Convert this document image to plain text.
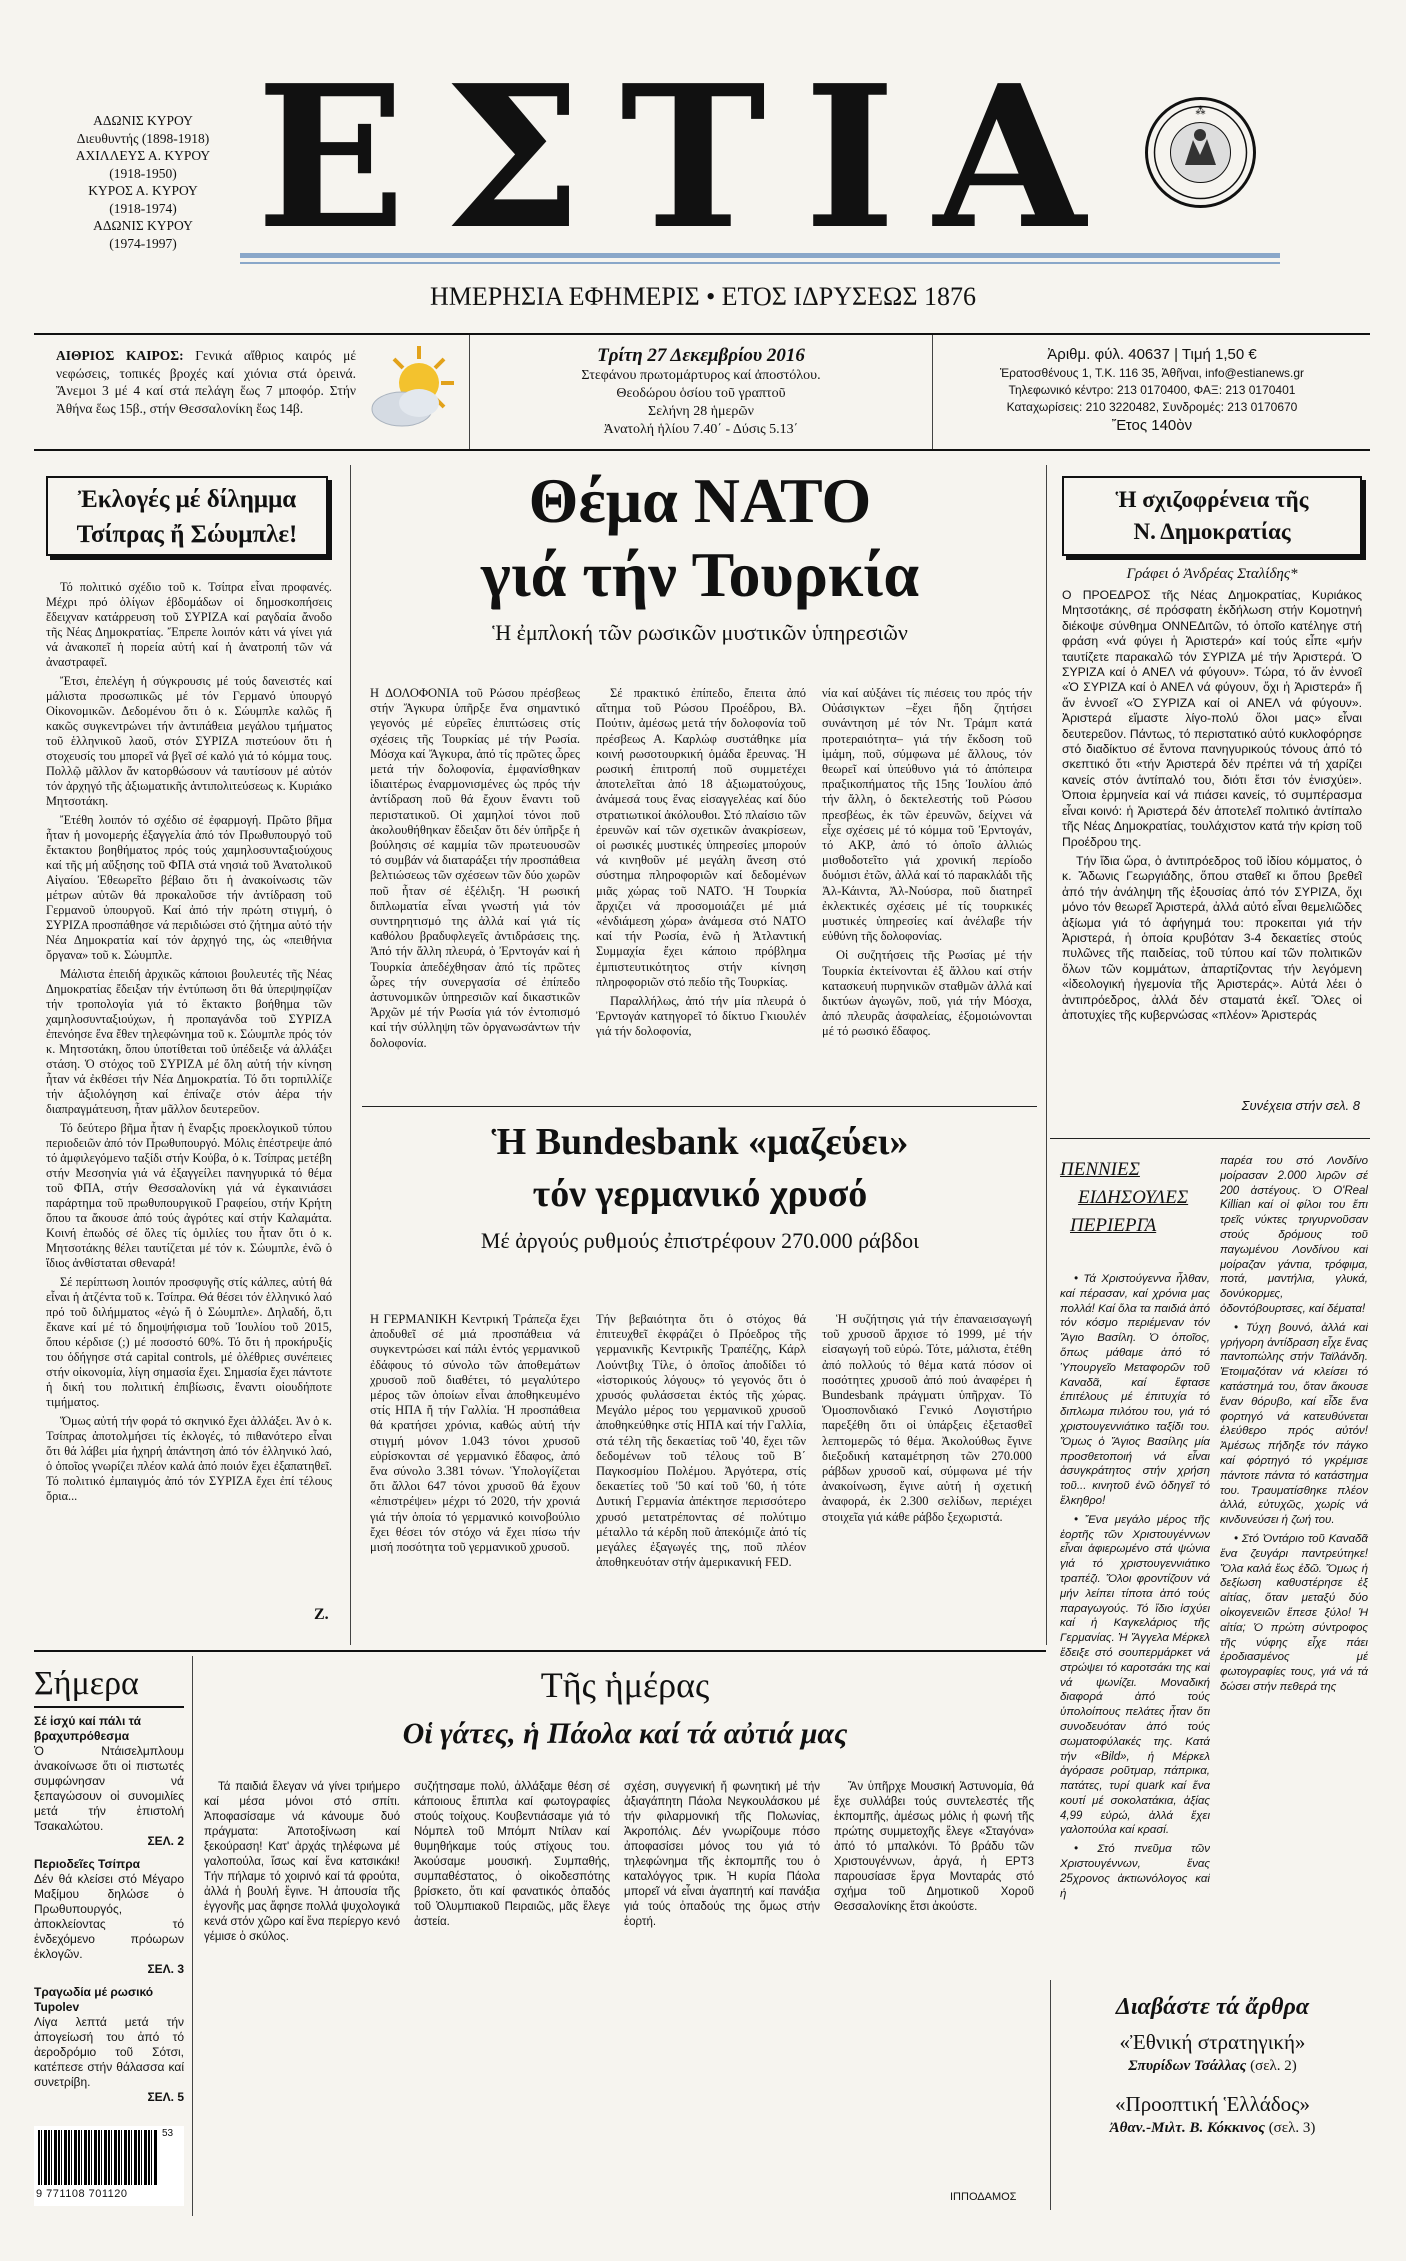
ΑΔΩΝΙΣ ΚΥΡΟΥ
Διευθυντής (1898-1918)
ΑΧΙΛΛΕΥΣ Α. ΚΥΡΟΥ
(1918-1950)
ΚΥΡΟΣ Α. ΚΥΡΟΥ
(1918-1974)
ΑΔΩΝΙΣ ΚΥΡΟΥ
(1974-1997) ΕΣΤΙΑ	⁂
ΗΜΕΡΗΣΙΑ ΕΦΗΜΕΡΙΣ • ΕΤΟΣ ΙΔΡΥΣΕΩΣ 1876
ΑΙΘΡΙΟΣ ΚΑΙΡΟΣ: Γενικά αἴθριος καιρός μέ νεφώσεις, τοπικές βροχές καί χιόνια στά ὀρεινά. Ἄνεμοι 3 μέ 4 καί στά πελάγη ἕως 7 μποφόρ. Στήν Ἀθήνα ἕως 15β., στήν Θεσσαλονίκη ἕως 14β.
Τρίτη 27 Δεκεμβρίου 2016
Στεφάνου πρωτομάρτυρος καί ἀποστόλου.
Θεοδώρου ὁσίου τοῦ γραπτοῦ
Σελήνη 28 ἡμερῶν
Ἀνατολή ἡλίου 7.40΄ - Δύσις 5.13΄
Ἀριθμ. φύλ. 40637 | Τιμή 1,50 €
Ἐρατοσθένους 1, Τ.Κ. 116 35, Ἀθῆναι, info@estianews.gr
Τηλεφωνικό κέντρο: 213 0170400, ΦΑΞ: 213 0170401
Καταχωρίσεις: 210 3220482, Συνδρομές: 213 0170670
Ἔτος 140ὸν
Ἐκλογές μέ δίλημμα
Τσίπρας ἤ Σώυμπλε!

Τό πολιτικό σχέδιο τοῦ κ. Τσίπρα εἶναι προφανές. Μέχρι πρό ὀλίγων ἑβδομάδων οἱ δημοσκοπήσεις ἔδειχναν κατάρρευση τοῦ ΣΥΡΙΖΑ καί ραγδαία ἄνοδο τῆς Νέας Δημοκρατίας. Ἔπρεπε λοιπόν κάτι νά γίνει γιά νά ἀνακοπεῖ ἡ πορεία αὐτή καί ἡ ἀνατροπή τῶν νά ἀναστραφεῖ.

Ἔτσι, ἐπελέγη ἡ σύγκρουσις μέ τούς δανειστές καί μάλιστα προσωπικῶς μέ τόν Γερμανό ὑπουργό Οἰκονομικῶν. Δεδομένου ὅτι ὁ κ. Σώυμπλε καλῶς ἤ κακῶς συγκεντρώνει τήν ἀντιπάθεια μεγάλου τμήματος τοῦ ἑλληνικοῦ λαοῦ, στόν ΣΥΡΙΖΑ πιστεύουν ὅτι ἡ στοχευσίς του μπορεῖ νά βγεῖ σέ καλό γιά τό κόμμα τους. Πολλῷ μᾶλλον ἄν κατορθώσουν νά ταυτίσουν μέ αὐτόν τόν ἀρχηγό τῆς ἀξιωματικῆς ἀντιπολιτεύσεως κ. Κυριάκο Μητσοτάκη.

Ἔτέθη λοιπόν τό σχέδιο σέ ἐφαρμογή. Πρῶτο βῆμα ἦταν ἡ μονομερής ἐξαγγελία ἀπό τόν Πρωθυπουργό τοῦ ἔκτακτου βοηθήματος πρός τούς χαμηλοσυνταξιούχους καί τῆς μή αὔξησης τοῦ ΦΠΑ στά νησιά τοῦ Ἀνατολικοῦ Αἰγαίου. Ἐθεωρεῖτο βέβαιο ὅτι ἡ ἀνακοίνωσις τῶν μέτρων αὐτῶν θά προκαλοῦσε τήν ἀντίδραση τοῦ Γερμανοῦ ὑπουργοῦ. Καί ἀπό τήν πρώτη στιγμή, ὁ ΣΥΡΙΖΑ προσπάθησε νά περιδιώσει στό ζήτημα αὐτό τήν Νέα Δημοκρατία καί τόν ἀρχηγό της, ὡς «πειθήνια ὄργανα» τοῦ κ. Σώυμπλε.

Μάλιστα ἐπειδή ἀρχικῶς κάποιοι βουλευτές τῆς Νέας Δημοκρατίας ἔδειξαν τήν ἐντύπωση ὅτι θά ὑπερψηφίζαν τήν τροπολογία γιά τό ἔκτακτο βοήθημα τῶν χαμηλοσυνταξιούχων, ἡ προπαγάνδα τοῦ ΣΥΡΙΖΑ ἐπενόησε ἕνα ἔθεν τηλεφώνημα τοῦ κ. Σώυμπλε πρός τόν κ. Μητσοτάκη, ὅπου ὑποτίθεται τοῦ ὑπέδειξε νά ἀλλάξει στάση. Ὁ στόχος τοῦ ΣΥΡΙΖΑ μέ ὅλη αὐτή τήν κίνηση ἦταν νά ἐκθέσει τήν Νέα Δημοκρατία. Τό ὅτι τορπιλλίζε τήν ἀξιολόγηση καί ἐπίναζε στόν ἀέρα τήν διαπραγμάτευση, ἦταν μᾶλλον δευτερεῦον.

Τό δεύτερο βῆμα ἦταν ἡ ἔναρξις προεκλογικοῦ τύπου περιοδειῶν ἀπό τόν Πρωθυπουργό. Μόλις ἐπέστρεψε ἀπό τό ἀμφιλεγόμενο ταξίδι στήν Κούβα, ὁ κ. Τσίπρας μετέβη στήν Μεσσηνία γιά νά ἐξαγγείλει πανηγυρικά τό θέμα τοῦ ΦΠΑ, στήν Θεσσαλονίκη γιά νά ἐγκαινιάσει παράρτημα τοῦ πρωθυπουργικοῦ Γραφείου, στήν Κρήτη ὅπου τα ἄκουσε ἀπό τούς ἀγρότες καί στήν Καλαμάτα. Κοινή ἐπωδός σέ ὅλες τίς ὁμιλίες του ἦταν ὅτι ὁ κ. Μητσοτάκης θέλει ταυτίζεται μέ τόν κ. Σώυμπλε, ἐνῶ ὁ ἴδιος ἀνθίσταται σθεναρά!

Σέ περίπτωση λοιπόν προσφυγῆς στίς κάλπες, αὐτή θά εἶναι ἡ ἀτζέντα τοῦ κ. Τσίπρα. Θά θέσει τόν ἑλληνικό λαό πρό τοῦ διλήμματος «ἐγώ ἤ ὁ Σώυμπλε». Δηλαδή, ὅ,τι ἔκανε καί μέ τό δημοψήφισμα τοῦ Ἰουλίου τοῦ 2015, ὅπου κέρδισε (;) μέ ποσοστό 60%. Τό ὅτι ἡ προκήρυξίς του ὁδήγησε στά capital controls, μέ ὀλέθριες συνέπειες στήν οἰκονομία, λίγη σημασία ἔχει. Σημασία ἔχει πάντοτε ἡ δική του πολιτική ἐπιβίωσις, ἔναντι οἰουδήποτε τιμήματος.

Ὅμως αὐτή τήν φορά τό σκηνικό ἔχει ἀλλάξει. Ἀν ὁ κ. Τσίπρας ἀποτολμήσει τίς ἐκλογές, τό πιθανότερο εἶναι ὅτι θά λάβει μία ἠχηρή ἀπάντηση ἀπό τόν ἑλληνικό λαό, ὁ ὁποῖος γνωρίζει πλέον καλά ἀπό ποιόν ἔχει ἐξαπατηθεῖ. Τό πολιτικό ἐμπαιγμός ἀπό τόν ΣΥΡΙΖΑ ἔχει ἐπί τέλους ὅρια...

Ζ.
Θέμα ΝΑΤΟ
γιά τήν Τουρκία
Ἡ ἐμπλοκή τῶν ρωσικῶν μυστικῶν ὑπηρεσιῶν

Η ΔΟΛΟΦΟΝΙΑ τοῦ Ρώσου πρέσβεως στήν Ἄγκυρα ὑπῆρξε ἕνα σημαντικό γεγονός μέ εὐρεῖες ἐπιπτώσεις στίς σχέσεις τῆς Τουρκίας μέ τήν Ρωσία. Μόσχα καί Ἄγκυρα, ἀπό τίς πρῶτες ὧρες μετά τήν δολοφονία, ἐμφανίσθηκαν ἰδιαιτέρως ἐναρμονισμένες ὡς πρός τήν ἀντίδραση ποῦ θά ἔχουν ἔναντι τοῦ περιστατικοῦ. Οἱ χαμηλοί τόνοι ποῦ ἀκολουθήθηκαν ἔδειξαν ὅτι δέν ὑπῆρξε ἡ βούλησις σέ καμμία τῶν πρωτευουσῶν τό συμβάν νά διαταράξει τήν προσπάθεια βελτιώσεως τῶν σχέσεων τῶν δύο χωρῶν ποῦ ἦταν σέ ἐξέλιξη. Ἡ ρωσική διπλωματία εἶναι γνωστή γιά τόν συντηρητισμό της ἀλλά καί γιά τίς καθόλου βραδυφλεγεῖς ἀντιδράσεις της. Ἀπό τήν ἄλλη πλευρά, ὁ Ἐρντογάν καί ἡ Τουρκία ἀπεδέχθησαν ἀπό τίς πρῶτες ὧρες τήν συνεργασία σέ ἐπίπεδο ἀστυνομικῶν ὑπηρεσιῶν καί δικαστικῶν Ἀρχῶν μέ τήν Ρωσία γιά τόν ἐντοπισμό καί τήν σύλληψη τῶν ὀργανωσάντων τήν δολοφονία.

Σέ πρακτικό ἐπίπεδο, ἔπειτα ἀπό αἴτημα τοῦ Ρώσου Προέδρου, Βλ. Πούτιν, ἀμέσως μετά τήν δολοφονία τοῦ πρέσβεως Α. Καρλώφ συστάθηκε μία κοινή ρωσοτουρκική ὁμάδα ἔρευνας. Ἡ ρωσική ἐπιτροπή ποῦ συμμετέχει ἀποτελεῖται ἀπό 18 ἀξιωματούχους, ἀνάμεσά τους ἕνας εἰσαγγελέας καί δύο στρατιωτικοί ἀκόλουθοι. Στό πλαίσιο τῶν ἐρευνῶν καί τῶν σχετικῶν ἀνακρίσεων, οἱ ρωσικές μυστικές ὑπηρεσίες μπορούν νά κινηθοῦν μέ μεγάλη ἄνεση στό σύστημα πληροφοριῶν καί δεδομένων μιᾶς χώρας τοῦ ΝΑΤΟ. Ἡ Τουρκία ἄρχιζει νά προσομοιάζει μέ μιά «ἐνδιάμεση χώρα» ἀνάμεσα στό ΝΑΤΟ καί τήν Ρωσία, ἐνῶ ἡ Ἀτλαντική Συμμαχία ἔχει κάποιο πρόβλημα ἐμπιστευτικότητος στήν κίνηση πληροφοριῶν στό πεδίο τῆς Τουρκίας.

Παραλλήλως, ἀπό τήν μία πλευρά ὁ Ἐρντογάν κατηγορεῖ τό δίκτυο Γκιουλέν γιά τήν δολοφονία,

νία καί αὐξάνει τίς πιέσεις του πρός τήν Οὐάσιγκτων –ἔχει ἤδη ζητήσει συνάντηση μέ τόν Ντ. Τράμπ κατά προτεραιότητα– γιά τήν ἔκδοση τοῦ ἰμάμη, ποῦ, σύμφωνα μέ ἄλλους, τόν θεωρεῖ καί ὑπεύθυνο γιά τό ἀπόπειρα πραξικοπήματος τῆς 15ης Ἰουλίου ἀπό τήν ἄλλη, ὁ δεκτελεστής τοῦ Ρώσου πρεσβέως, ἐκ τῶν ἐρευνῶν, δείχνει νά εἶχε σχέσεις μέ τό κόμμα τοῦ Ἐρντογάν, τό ΑΚΡ, ἀπό τό ὁποῖο ἀλλιώς μισθοδοτεῖτο γιά χρονική περίοδο δυόμισι ἐτῶν, ἀλλά καί τό παρακλάδι τῆς Ἀλ-Κάιντα, Ἀλ-Νούσρα, ποῦ διατηρεῖ ἐκλεκτικές σχέσεις μέ τίς τουρκικές μυστικές ὑπηρεσίες καί ἀνέλαβε τήν εὐθύνη τῆς δολοφονίας.

Οἱ συζητήσεις τῆς Ρωσίας μέ τήν Τουρκία ἐκτείνονται ἐξ ἄλλου καί στήν κατασκευή πυρηνικῶν σταθμῶν ἀλλά καί δικτύων ἀγωγῶν, ποῦ, γιά τήν Μόσχα, ἀπό πλευρᾶς ἀσφαλείας, ἐξομοιώνονται μέ τό ρωσικό ἔδαφος.

Ἡ σχιζοφρένεια τῆς
Ν. Δημοκρατίας
Γράφει ὁ Ἀνδρέας Σταλίδης*

Ο ΠΡΟΕΔΡΟΣ τῆς Νέας Δημοκρατίας, Κυριάκος Μητσοτάκης, σέ πρόσφατη ἐκδήλωση στήν Κομοτηνή διέκοψε σύνθημα ΟΝΝΕΔιτῶν, τό ὁποῖο κατέληγε στή φράση «νά φύγει ἡ Ἀριστερά» καί τούς εἶπε «μήν ταυτίζετε παρακαλῶ τόν ΣΥΡΙΖΑ μέ τήν Ἀριστερά. Ὁ ΣΥΡΙΖΑ καί ὁ ΑΝΕΛ νά φύγουν». Τώρα, τό ἄν ἐννοεῖ «Ὁ ΣΥΡΙΖΑ καί ὁ ΑΝΕΛ νά φύγουν, ὄχι ἡ Ἀριστερά» ἤ ἄν ἐννοεῖ «Ὁ ΣΥΡΙΖΑ καί οἱ ΑΝΕΛ νά φύγουν». Ἀριστερά εἴμαστε λίγο-πολύ ὅλοι μας» εἶναι δευτερεῦον. Πάντως, τό περιστατικό αὐτό κυκλοφόρησε στό διαδίκτυο σέ ἔντονα πανηγυρικούς τόνους ἀπό τό σκεπτικό ὅτι «τήν Ἀριστερά δέν πρέπει νά τή χαρίζει κανείς στόν ἀντίπαλό του, διότι ἔτσι τόν ἐνισχύει». Όποια ἑρμηνεία καί νά πιάσει κανείς, τό συμπέρασμα εἶναι κοινό: ἡ Ἀριστερά δέν ἀποτελεῖ πολιτικό ἀντίπαλο τῆς Νέας Δημοκρατίας, τουλάχιστον κατά τήν κρίση τοῦ Προέδρου της.

Τήν ἴδια ὥρα, ὁ ἀντιπρόεδρος τοῦ ἰδίου κόμματος, ὁ κ. Ἄδωνις Γεωργιάδης, ὅπου σταθεῖ κι ὅπου βρεθεῖ ἀπό τήν ἀνάληψη τῆς ἐξουσίας ἀπό τόν ΣΥΡΙΖΑ, ὄχι μόνο τόν θεωρεῖ Ἀριστερά, ἀλλά αὐτό εἶναι θεμελιῶδες ἀξίωμα γιά τό ἀφήγημά του: προκειται γιά τήν Ἀριστερά, ἡ ὁποία κρυβόταν 3-4 δεκαετίες στούς πυλῶνες τῆς παιδείας, τοῦ τύπου καί τῶν πολιτικῶν ὅλων τῶν κομμάτων, ἀπαρτίζοντας τήν λεγόμενη «ἰδεολογική ἡγεμονία τῆς Ἀριστεράς». Αὐτά λέει ὁ ἀντιπρόεδρος, ἀλλά δέν σταματά ἐκεῖ. Ὅλες οἱ ἀποτυχίες τῆς κυβερνώσας «πλέον» Ἀριστεράς

Συνέχεια στήν σελ. 8
Ἡ Bundesbank «μαζεύει»
τόν γερμανικό χρυσό
Μέ ἀργούς ρυθμούς ἐπιστρέφουν 270.000 ράβδοι

Η ΓΕΡΜΑΝΙΚΗ Κεντρική Τράπεζα ἔχει ἀποδυθεῖ σέ μιά προσπάθεια νά συγκεντρώσει καί πάλι ἐντός γερμανικοῦ ἐδάφους τό σύνολο τῶν ἀποθεμάτων χρυσοῦ ποῦ διαθέτει, τό μεγαλύτερο μέρος τῶν ὁποίων εἶναι ἀποθηκευμένο στίς ΗΠΑ ἤ τήν Γαλλία. Ἡ προσπάθεια θά κρατήσει χρόνια, καθώς αὐτή τήν στιγμή μόνον 1.043 τόνοι χρυσοῦ εὑρίσκονται σέ γερμανικό ἔδαφος, ἀπό ἕνα σύνολο 3.381 τόνων. Ὑπολογίζεται ὅτι ἄλλοι 647 τόνοι χρυσοῦ θά ἔχουν «ἐπιστρέψει» μέχρι τό 2020, τήν χρονιά γιά τήν ὁποία τό γερμανικό κοινοβούλιο ἔχει θέσει τόν στόχο νά ἔχει πίσω τήν μισή ποσότητα τοῦ γερμανικοῦ χρυσοῦ.

Τήν βεβαιότητα ὅτι ὁ στόχος θά ἐπιτευχθεῖ ἐκφράζει ὁ Πρόεδρος τῆς γερμανικῆς Κεντρικῆς Τραπέζης, Κάρλ Λούντβιχ Τίλε, ὁ ὁποῖος ἀποδίδει τό «ἱστορικούς λόγους» τό γεγονός ὅτι ὁ χρυσός φυλάσσεται ἐκτός τῆς χώρας. Μεγάλο μέρος του γερμανικοῦ χρυσοῦ ἀποθηκεύθηκε στίς ΗΠΑ καί τήν Γαλλία, στά τέλη τῆς δεκαετίας τοῦ '40, ἔχει τῶν δεδομένων τοῦ τέλους τοῦ Β΄ Παγκοσμίου Πολέμου. Ἀργότερα, στίς δεκαετίες τοῦ '50 καί τοῦ '60, ἡ τότε Δυτική Γερμανία ἀπέκτησε περισσότερο χρυσό μετατρέποντας σέ πολύτιμο μέταλλο τά κέρδη ποῦ ἀπεκόμιζε ἀπό τίς μεγάλες ἐξαγωγές της, ποῦ πλέον ἀποθηκευόταν στήν ἀμερικανική FED.

Ἡ συζήτησις γιά τήν ἐπαναεισαγωγή τοῦ χρυσοῦ ἄρχισε τό 1999, μέ τήν εἰσαγωγή τοῦ εὐρώ. Τότε, μάλιστα, ἐτέθη ἀπό πολλούς τό θέμα κατά πόσον οἱ ποσότητες χρυσοῦ ἀπό πού ἀναφέρει ἡ Bundesbank πράγματι ὑπῆρχαν. Τό Ὁμοσπονδιακό Γενικό Λογιστήριο παρεξέθη ὅτι οἱ ὑπάρξεις ἐξετασθεῖ λεπτομερῶς τό θέμα. Ἀκολούθως ἔγινε διεξοδική καταμέτρηση τῶν 270.000 ράβδων χρυσοῦ καί, σύμφωνα μέ τήν ἀνακοίνωση, ἔγινε αὐτή ἡ σχετική ἀναφορά, ἐκ 2.300 σελίδων, περιέχει στοιχεῖα γιά κάθε ράβδο ξεχωριστά.

ΠΕΝΝΙΕΣ
ΕΙΔΗΣΟΥΛΕΣ
ΠΕΡΙΕΡΓΑ

• Τά Χριστούγεννα ἦλθαν, καί πέρασαν, καί χρόνια μας πολλά! Καί ὅλα τα παιδιά ἀπό τόν κόσμο περιέμεναν τόν Ἅγιο Βασίλη. Ὁ ὁποῖος, ὅπως μάθαμε ἀπό τό Ὑπουργεῖο Μεταφορῶν τοῦ Καναδᾶ, καί ἔφτασε ἐπιτέλους μέ ἐπιτυχία τό διπλωμα πιλότου του, γιά τό χριστουγεννιάτικο ταξίδι του. Ὅμως ὁ Ἅγιος Βασίλης μία προσθετοποιή νά εἶναι ἀσυγκράτητος στήν χρήση τοῦ... κινητοῦ ἐνῶ ὁδηγεῖ τό ἔλκηθρο!

• Ἔνα μεγάλο μέρος τῆς ἑορτῆς τῶν Χριστουγέννων εἶναι ἀφιερωμένο στά ψώνια γιά τό χριστουγεννιάτικο τραπέζι. Ὅλοι φροντίζουν νά μήν λείπει τίποτα ἀπό τούς παραγωγούς. Τό ἴδιο ἰσχύει καί ἡ Καγκελάριος τῆς Γερμανίας. Ἡ Ἄγγελα Μέρκελ ἔδειξε στό σουπερμάρκετ νά στρώψει τό καροτσάκι της καί νά ψωνίζει. Μοναδική διαφορά ἀπό τούς ὑπολοίπους πελάτες ἦταν ὅτι συνοδευόταν ἀπό τούς σωματοφύλακές της. Κατά τήν «Bild», ἡ Μέρκελ ἀγόρασε ροῦτμαρ, πάπρικα, πατάτες, τυρί quark καί ἕνα κουτί μέ σοκολατάκια, ἀξίας 4,99 εὐρώ, ἀλλά ἔχει γαλοπούλα καί κρασί.

• Στό πνεῦμα τῶν Χριστουγέννων, ἕνας 25χρονος ἀκτιωνόλογος καί ἡ

παρέα του στό Λονδίνο μοίρασαν 2.000 λιρῶν σέ 200 ἀστέγους. Ὁ O'Real Killian καί οἱ φίλοι του ἔπι τρεῖς νύκτες τριγυρνοῦσαν στούς δρόμους τοῦ παγωμένου Λονδίνου καί μοίραζαν γάντια, τρόφιμα, ποτά, μαντήλια, γλυκά, δονύκορμες, ὀδοντόβουρτσες, καί δέματα!

• Τύχη βουνό, ἀλλά καί γρήγορη ἀντίδραση εἶχε ἕνας παντοπώλης στήν Ταϊλάνδη. Ἐτοιμαζόταν νά κλείσει τό κατάστημά του, ὅταν ἄκουσε ἕναν θόρυβο, καί εἶδε ἕνα φορτηγό νά κατευθύνεται ἐλεύθερο πρός αὐτόν! Ἀμέσως πήδηξε τόν πάγκο καί φόρτηγό τό γκρέμισε πάντοτε πάντα τό κατάστημα του. Τραυματίσθηκε πλέον ἀλλά, εὐτυχῶς, χωρίς νά κινδυνεύσει ἡ ζωή του.

• Στό Ὀντάριο τοῦ Καναδᾶ ἕνα ζευγάρι παντρεύτηκε! Ὅλα καλά ἕως ἐδῶ. Ὅμως ἡ δεξίωση καθυστέρησε ἐξ αἰτίας, ὅταν μεταξύ δύο οἰκογενειῶν ἔπεσε ξύλο! Ἡ αἰτία; Ὁ πρώτη σύντροφος τῆς νύφης εἶχε πάει ἐροδιασμένος μέ φωτογραφίες τους, γιά νά τά δώσει στήν πεθερά της

Σήμερα
Σέ ἰσχύ καί πάλι τά βραχυπρόθεσμα
Ὁ Ντάισελμπλουμ ἀνακοίνωσε ὅτι οἱ πιστωτές συμφώνησαν νά ξεπαγώσουν οἱ συνομιλίες μετά τήν ἐπιστολή Τσακαλώτου.
ΣΕΛ. 2
Περιοδεῖες Τσίπρα
Δέν θά κλείσει στό Μέγαρο Μαξίμου δηλώσε ὁ Πρωθυπουργός, ἀποκλείοντας τό ἐνδεχόμενο πρόωρων ἐκλογῶν.
ΣΕΛ. 3
Τραγωδία μέ ρωσικό Tupolev
Λίγα λεπτά μετά τήν ἀπογείωσή του ἀπό τό ἀεροδρόμιο τοῦ Σότσι, κατέπεσε στήν θάλασσα καί συνετρίβη.
ΣΕΛ. 5
53
9 771108 701120
Τῆς ἡμέρας
Οἱ γάτες, ἡ Πάολα καί τά αὐτιά μας

Τά παιδιά ἔλεγαν νά γίνει τριήμερο καί μέσα μόνοι στό σπίτι. Ἀποφασίσαμε νά κάνουμε δυό πράγματα: Ἀποτοξίνωση καί ξεκούραση! Κατ' ἀρχάς τηλέφωνα μέ γαλοπούλα, ἴσως καί ἕνα κατσικάκι! Τήν πήλαμε τό χοιρινό καί τά φρούτα, ἀλλά ἡ βουλή ἔγινε. Ἡ ἀπουσία τῆς ἐγγονῆς μας ἄφησε πολλά ψυχολογικά κενά στόν χῶρο καί ἕνα περίεργο κενό γέμισε ὁ σκύλος.

συζήτησαμε πολύ, ἀλλάξαμε θέση σέ κάποιους ἔπιπλα καί φωτογραφίες στούς τοίχους. Κουβεντιάσαμε γιά τό Νόμπελ τοῦ Μπόμπ Ντίλαν καί θυμηθήκαμε τούς στίχους του. Ἀκούσαμε μουσική. Συμπαθής, συμπαθέστατος, ὁ οἰκοδεσπότης βρίσκετο, ὅτι καί φανατικός ὀπαδός τοῦ Ὀλυμπιακοῦ Πειραιῶς, μᾶς ἔλεγε ἀστεία.

σχέση, συγγενική ἤ φωνητική μέ τήν ἀξιαγάπητη Πάολα Νεγκουλάσκου μέ τήν φιλαρμονική τῆς Πολωνίας, Ἀκροπόλις. Δέν γνωρίζουμε πόσο ἀποφασίσει μόνος του γιά τό τηλεφώνημα τῆς ἐκπομπῆς του ὁ καταλόγγος τρικ. Ἡ κυρία Πάολα μπορεῖ νά εἶναι ἀγαπητή καί πανάξια γιά τούς ὀπαδούς της ὅμως στήν ἑορτή.

Ἄν ὑπῆρχε Μουσική Ἀστυνομία, θά ἔχε συλλάβει τούς συντελεστές τῆς ἐκπομπῆς, ἀμέσως μόλις ἡ φωνή τῆς πρώτης συμμετοχῆς ἔλεγε «Σταγόνα» ἀπό τό μπαλκόνι. Τό βράδυ τῶν Χριστουγέννων, ἀργά, ἡ ΕΡΤ3 παρουσίασε ἔργα Μονταράς στό σχήμα τοῦ Δημοτικοῦ Χοροῦ Θεσσαλονίκης ἔτσι ἀκούστε.

ΙΠΠΟΔΑΜΟΣ
Διαβάστε τά ἄρθρα
«Ἐθνική στρατηγική»
Σπυρίδων Τσάλλας (σελ. 2)
«Προοπτική Ἑλλάδος»
Ἀθαν.-Μιλτ. Β. Κόκκινος (σελ. 3)
